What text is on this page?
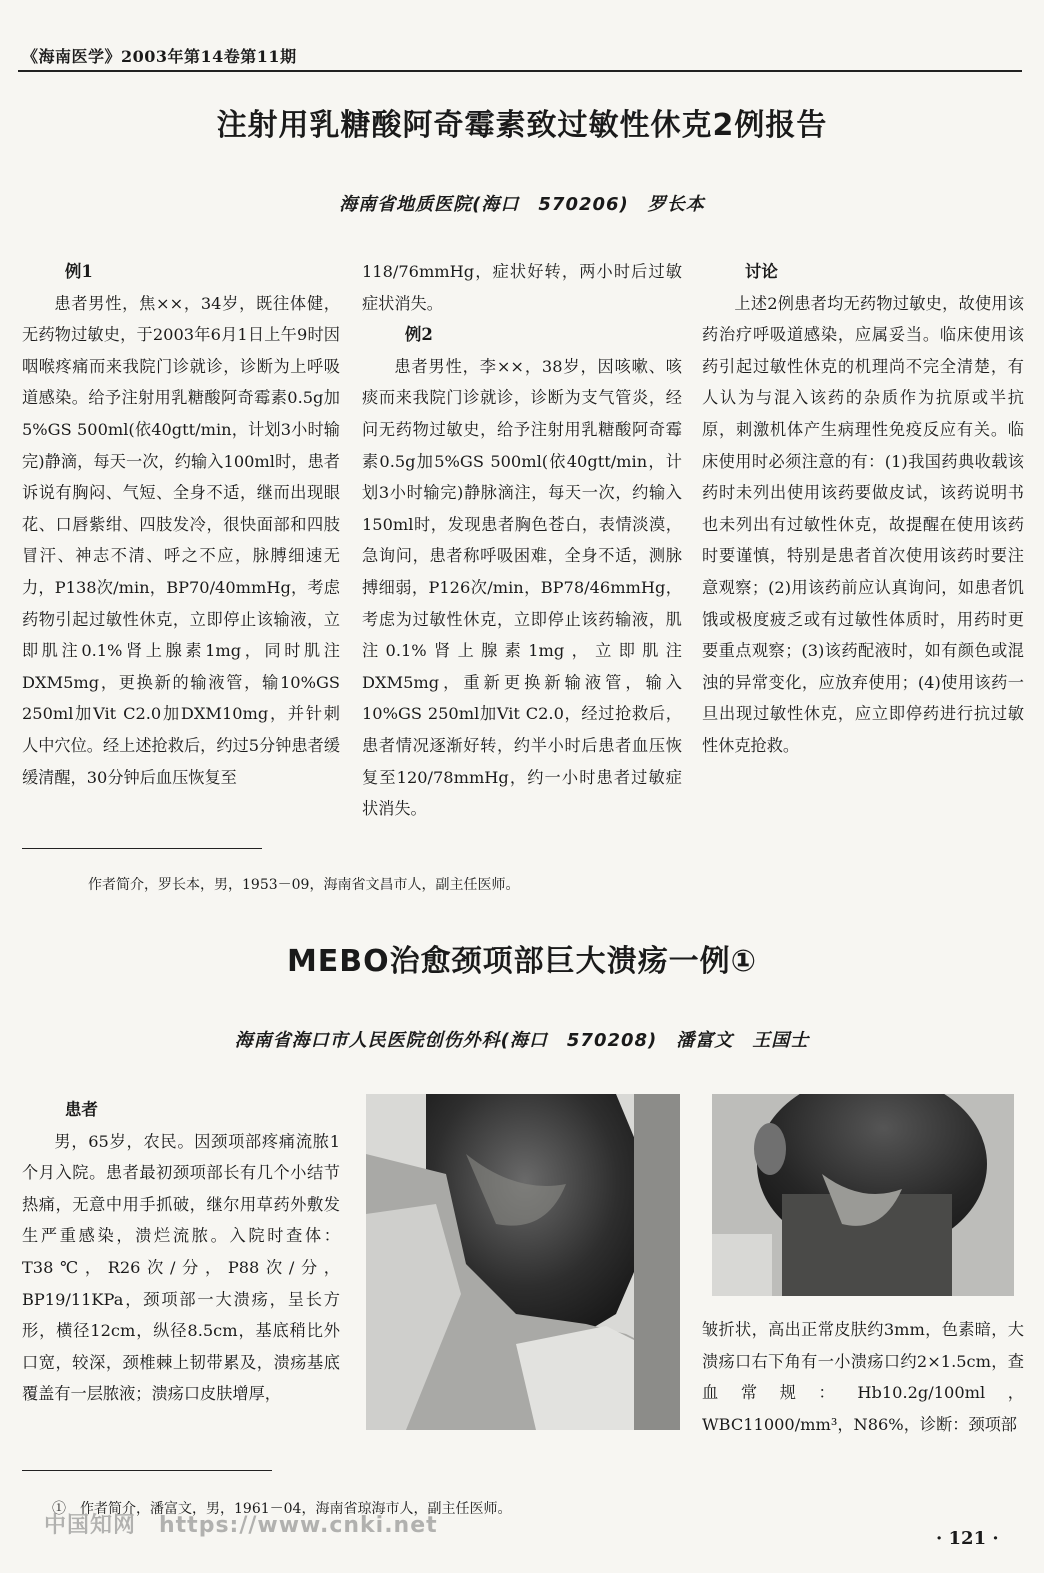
《海南医学》2003年第14卷第11期
注射用乳糖酸阿奇霉素致过敏性休克2例报告
海南省地质医院(海口　570206)　罗长本
例1

患者男性，焦××，34岁，既往体健，无药物过敏史，于2003年6月1日上午9时因咽喉疼痛而来我院门诊就诊，诊断为上呼吸道感染。给予注射用乳糖酸阿奇霉素0.5g加5%GS 500ml(依40gtt/min，计划3小时输完)静滴，每天一次，约输入100ml时，患者诉说有胸闷、气短、全身不适，继而出现眼花、口唇紫绀、四肢发冷，很快面部和四肢冒汗、神志不清、呼之不应，脉膊细速无力，P138次/min，BP70/40mmHg，考虑药物引起过敏性休克，立即停止该输液，立即肌注0.1%肾上腺素1mg，同时肌注DXM5mg，更换新的输液管，输10%GS 250ml加Vit C2.0加DXM10mg，并针刺人中穴位。经上述抢救后，约过5分钟患者缓缓清醒，30分钟后血压恢复至

118/76mmHg，症状好转，两小时后过敏症状消失。

例2

患者男性，李××，38岁，因咳嗽、咳痰而来我院门诊就诊，诊断为支气管炎，经问无药物过敏史，给予注射用乳糖酸阿奇霉素0.5g加5%GS 500ml(依40gtt/min，计划3小时输完)静脉滴注，每天一次，约输入150ml时，发现患者胸色苍白，表情淡漠，急询问，患者称呼吸困难，全身不适，测脉搏细弱，P126次/min，BP78/46mmHg，考虑为过敏性休克，立即停止该药输液，肌注0.1%肾上腺素1mg，立即肌注DXM5mg，重新更换新输液管，输入10%GS 250ml加Vit C2.0，经过抢救后，患者情况逐渐好转，约半小时后患者血压恢复至120/78mmHg，约一小时患者过敏症状消失。

讨论

上述2例患者均无药物过敏史，故使用该药治疗呼吸道感染，应属妥当。临床使用该药引起过敏性休克的机理尚不完全清楚，有人认为与混入该药的杂质作为抗原或半抗原，刺激机体产生病理性免疫反应有关。临床使用时必须注意的有：(1)我国药典收载该药时未列出使用该药要做皮试，该药说明书也未列出有过敏性休克，故提醒在使用该药时要谨慎，特别是患者首次使用该药时要注意观察；(2)用该药前应认真询问，如患者饥饿或极度疲乏或有过敏性体质时，用药时更要重点观察；(3)该药配液时，如有颜色或混浊的异常变化，应放弃使用；(4)使用该药一旦出现过敏性休克，应立即停药进行抗过敏性休克抢救。

作者简介，罗长本，男，1953－09，海南省文昌市人，副主任医师。
MEBO治愈颈项部巨大溃疡一例①
海南省海口市人民医院创伤外科(海口　570208)　潘富文　王国士
患者

男，65岁，农民。因颈项部疼痛流脓1个月入院。患者最初颈项部长有几个小结节热痛，无意中用手抓破，继尔用草药外敷发生严重感染，溃烂流脓。入院时查体：T38℃，R26次/分，P88次/分，BP19/11KPa，颈项部一大溃疡，呈长方形，横径12cm，纵径8.5cm，基底稍比外口宽，较深，颈椎棘上韧带累及，溃疡基底覆盖有一层脓液；溃疡口皮肤增厚，

皱折状，高出正常皮肤约3mm，色素暗，大溃疡口右下角有一小溃疡口约2×1.5cm，查血常规：Hb10.2g/100ml，WBC11000/mm³，N86%，诊断：颈项部

①　作者简介，潘富文，男，1961－04，海南省琼海市人，副主任医师。
中国知网　https://www.cnki.net
· 121 ·
